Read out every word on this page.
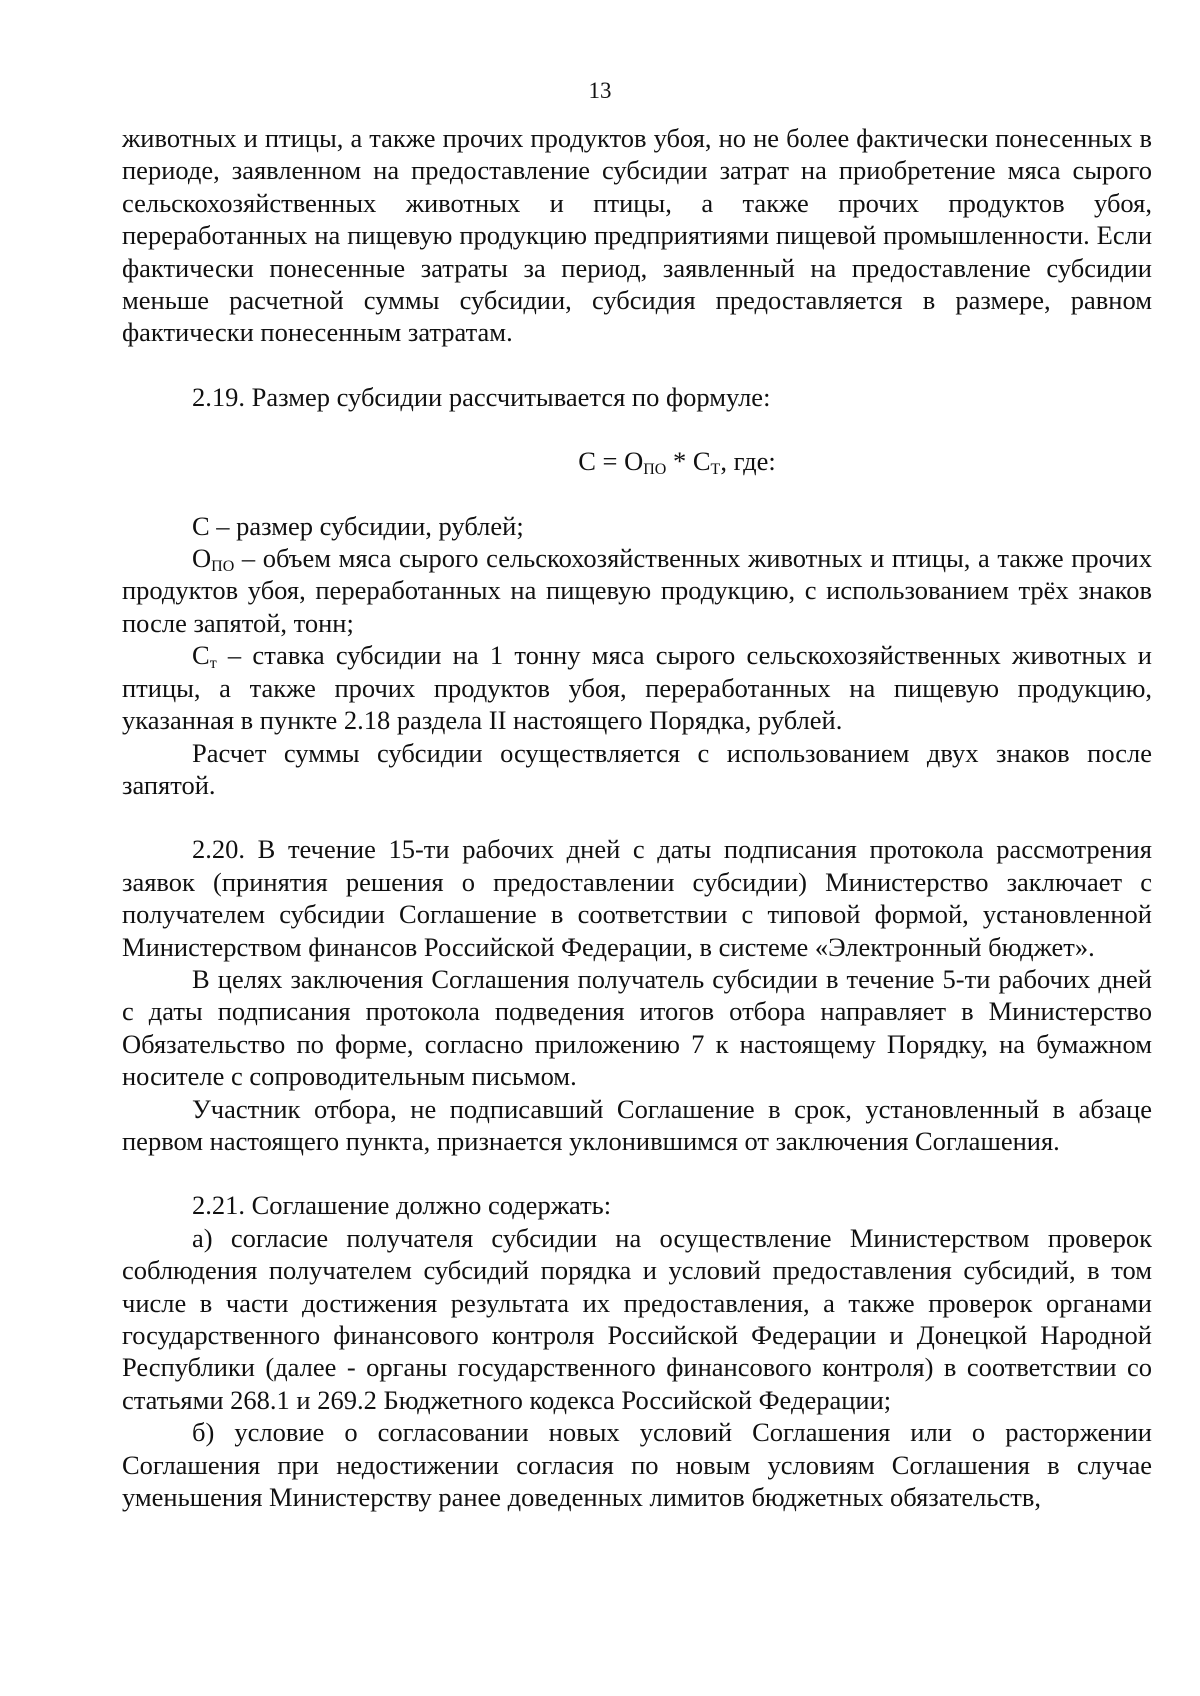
13

животных и птицы, а также прочих продуктов убоя, но не более фактически понесенных в периоде, заявленном на предоставление субсидии затрат на приобретение мяса сырого сельскохозяйственных животных и птицы, а также прочих продуктов убоя, переработанных на пищевую продукцию предприятиями пищевой промышленности. Если фактически понесенные затраты за период, заявленный на предоставление субсидии меньше расчетной суммы субсидии, субсидия предоставляется в размере, равном фактически понесенным затратам.

2.19. Размер субсидии рассчитывается по формуле:

$С = О_{ПО} * С_Т$, где:

С – размер субсидии, рублей;

$О_{ПО}$ – объем мяса сырого сельскохозяйственных животных и птицы, а также прочих продуктов убоя, переработанных на пищевую продукцию, с использованием трёх знаков после запятой, тонн;

$С_т$ – ставка субсидии на 1 тонну мяса сырого сельскохозяйственных животных и птицы, а также прочих продуктов убоя, переработанных на пищевую продукцию, указанная в пункте 2.18 раздела II настоящего Порядка, рублей.

Расчет суммы субсидии осуществляется с использованием двух знаков после запятой.

2.20. В течение 15-ти рабочих дней с даты подписания протокола рассмотрения заявок (принятия решения о предоставлении субсидии) Министерство заключает с получателем субсидии Соглашение в соответствии с типовой формой, установленной Министерством финансов Российской Федерации, в системе «Электронный бюджет».

В целях заключения Соглашения получатель субсидии в течение 5-ти рабочих дней с даты подписания протокола подведения итогов отбора направляет в Министерство Обязательство по форме, согласно приложению 7 к настоящему Порядку, на бумажном носителе с сопроводительным письмом.

Участник отбора, не подписавший Соглашение в срок, установленный в абзаце первом настоящего пункта, признается уклонившимся от заключения Соглашения.

2.21. Соглашение должно содержать:

а) согласие получателя субсидии на осуществление Министерством проверок соблюдения получателем субсидий порядка и условий предоставления субсидий, в том числе в части достижения результата их предоставления, а также проверок органами государственного финансового контроля Российской Федерации и Донецкой Народной Республики (далее - органы государственного финансового контроля) в соответствии со статьями 268.1 и 269.2 Бюджетного кодекса Российской Федерации;

б) условие о согласовании новых условий Соглашения или о расторжении Соглашения при недостижении согласия по новым условиям Соглашения в случае уменьшения Министерству ранее доведенных лимитов бюджетных обязательств,
